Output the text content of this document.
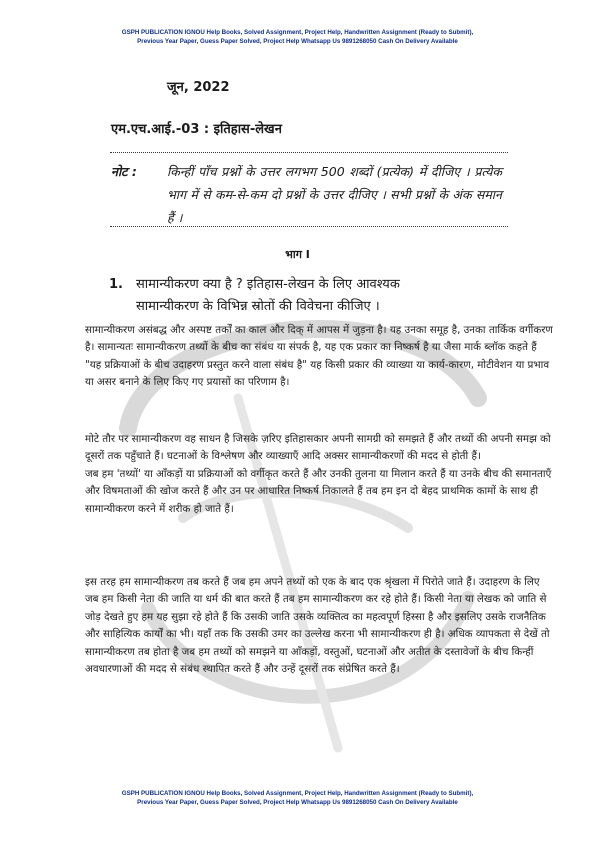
GSPH PUBLICATION IGNOU Help Books, Solved Assignment, Project Help, Handwritten Assignment (Ready to Submit),
Previous Year Paper, Guess Paper Solved, Project Help Whatsapp Us 9891268050 Cash On Delivery Available
जून, 2022
एम.एच.आई.-03 : इतिहास-लेखन
नोट : किन्हीं पाँच प्रश्नों के उत्तर लगभग 500 शब्दों (प्रत्येक) में दीजिए । प्रत्येक भाग में से कम-से-कम दो प्रश्नों के उत्तर दीजिए । सभी प्रश्नों के अंक समान हैं ।
भाग I
1. सामान्यीकरण क्या है ? इतिहास-लेखन के लिए आवश्यक सामान्यीकरण के विभिन्न स्रोतों की विवेचना कीजिए ।

सामान्यीकरण असंबद्ध और अस्पष्ट तर्कों का काल और दिक् में आपस में जुड़ना है। यह उनका समूह है, उनका तार्किक वर्गीकरण है। सामान्यतः सामान्यीकरण तथ्यों के बीच का संबंध या संपर्क है, यह एक प्रकार का निष्कर्ष है या जैसा मार्क ब्लॉक कहते हैं "यह प्रक्रियाओं के बीच उदाहरण प्रस्तुत करने वाला संबंध है" यह किसी प्रकार की व्याख्या या कार्य-कारण, मोटीवेशन या प्रभाव या असर बनाने के लिए किए गए प्रयासों का परिणाम है।

मोटे तौर पर सामान्यीकरण वह साधन है जिसके ज़रिए इतिहासकार अपनी सामग्री को समझते हैं और तथ्यों की अपनी समझ को दूसरों तक पहुँचाते हैं। घटनाओं के विश्लेषण और व्याख्याएँ आदि अक्सर सामान्यीकरणों की मदद से होती हैं।

जब हम 'तथ्यों' या आँकड़ों या प्रक्रियाओं को वर्गीकृत करते हैं और उनकी तुलना या मिलान करते हैं या उनके बीच की समानताएँ और विषमताओं की खोज करते हैं और उन पर आधारित निष्कर्ष निकालते हैं तब हम इन दो बेहद प्राथमिक कामों के साथ ही सामान्यीकरण करने में शरीक हो जाते हैं।

इस तरह हम सामान्यीकरण तब करते हैं जब हम अपने तथ्यों को एक के बाद एक श्रृंखला में पिरोते जाते हैं। उदाहरण के लिए जब हम किसी नेता की जाति या धर्म की बात करते हैं तब हम सामान्यीकरण कर रहे होते हैं। किसी नेता या लेखक को जाति से जोड़ देखते हुए हम यह सुझा रहे होते हैं कि उसकी जाति उसके व्यक्तित्व का महत्वपूर्ण हिस्सा है और इसलिए उसके राजनैतिक और साहित्यिक कार्यों का भी। यहाँ तक कि उसकी उमर का उल्लेख करना भी सामान्यीकरण ही है। अधिक व्यापकता से देखें तो सामान्यीकरण तब होता है जब हम तथ्यों को समझने या आँकड़ों, वस्तुओं, घटनाओं और अतीत के दस्तावेजों के बीच किन्हीं अवधारणाओं की मदद से संबंध स्थापित करते हैं और उन्हें दूसरों तक संप्रेषित करते हैं।

GSPH PUBLICATION IGNOU Help Books, Solved Assignment, Project Help, Handwritten Assignment (Ready to Submit),
Previous Year Paper, Guess Paper Solved, Project Help Whatsapp Us 9891268050 Cash On Delivery Available
